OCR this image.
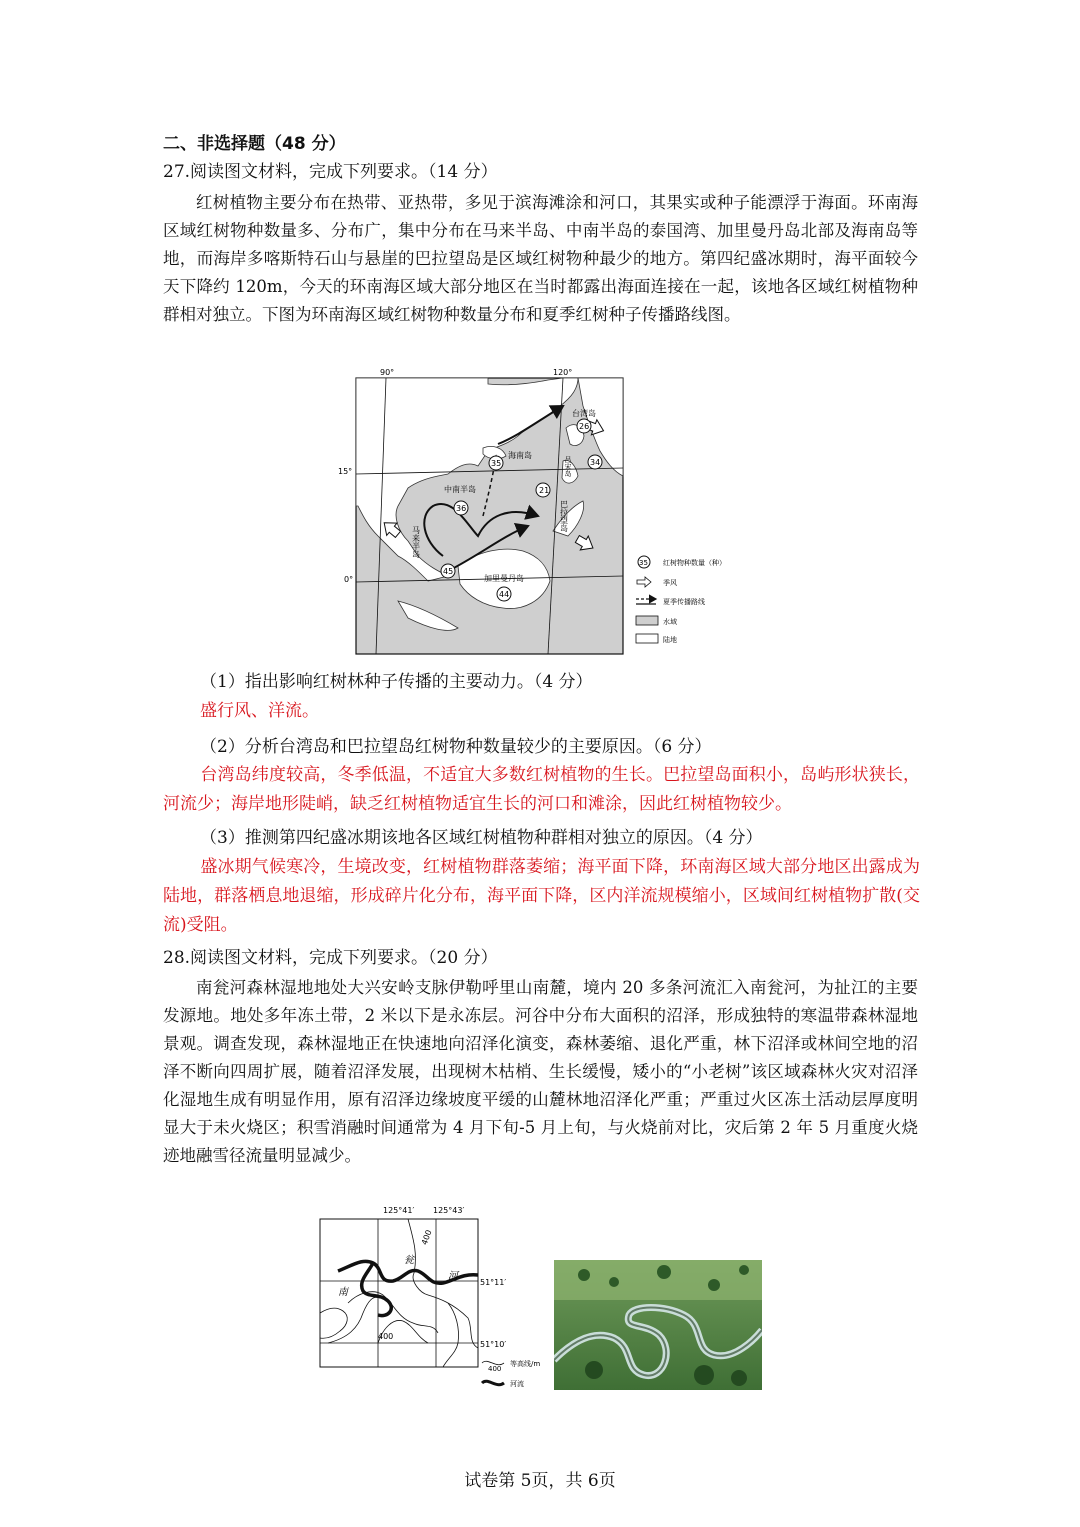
二、非选择题（48 分）
27.阅读图文材料，完成下列要求。（14 分）
红树植物主要分布在热带、亚热带，多见于滨海滩涂和河口，其果实或种子能漂浮于海面。环南海区域红树物种数量多、分布广，集中分布在马来半岛、中南半岛的泰国湾、加里曼丹岛北部及海南岛等地，而海岸多喀斯特石山与悬崖的巴拉望岛是区域红树物种最少的地方。第四纪盛冰期时，海平面较今天下降约 120m，今天的环南海区域大部分地区在当时都露出海面连接在一起，该地各区域红树植物种群相对独立。下图为环南海区域红树物种数量分布和夏季红树种子传播路线图。
90°	120°
15°
0°
台湾岛
海南岛
中南半岛
马来半岛
巴拉望岛
吕宋岛
加里曼丹岛
26
35	34
21
36
45
44
35 红树物种数量（种）
季风
夏季传播路线
水域
陆地
（1）指出影响红树林种子传播的主要动力。（4 分）
盛行风、洋流。
（2）分析台湾岛和巴拉望岛红树物种数量较少的主要原因。（6 分）
台湾岛纬度较高，冬季低温，不适宜大多数红树植物的生长。巴拉望岛面积小，岛屿形状狭长，河流少；海岸地形陡峭，缺乏红树植物适宜生长的河口和滩涂，因此红树植物较少。
（3）推测第四纪盛冰期该地各区域红树植物种群相对独立的原因。（4 分）
盛冰期气候寒冷，生境改变，红树植物群落萎缩；海平面下降，环南海区域大部分地区出露成为陆地，群落栖息地退缩，形成碎片化分布，海平面下降，区内洋流规模缩小，区域间红树植物扩散(交流)受阻。
28.阅读图文材料，完成下列要求。（20 分）
南瓮河森林湿地地处大兴安岭支脉伊勒呼里山南麓，境内 20 多条河流汇入南瓮河，为扯江的主要发源地。地处多年冻土带，2 米以下是永冻层。河谷中分布大面积的沼泽，形成独特的寒温带森林湿地景观。调查发现，森林湿地正在快速地向沼泽化演变，森林萎缩、退化严重，林下沼泽或林间空地的沼泽不断向四周扩展，随着沼泽发展，出现树木枯梢、生长缓慢，矮小的“小老树”该区域森林火灾对沼泽化湿地生成有明显作用，原有沼泽边缘坡度平缓的山麓林地沼泽化严重；严重过火区冻土活动层厚度明显大于未火烧区；积雪消融时间通常为 4 月下旬-5 月上旬，与火烧前对比，灾后第 2 年 5 月重度火烧迹地融雪径流量明显减少。
125°41′ 125°43′
51°11′
51°10′
南
瓮
河
400
400
400
等高线/m
河流
试卷第 5页，共 6页
